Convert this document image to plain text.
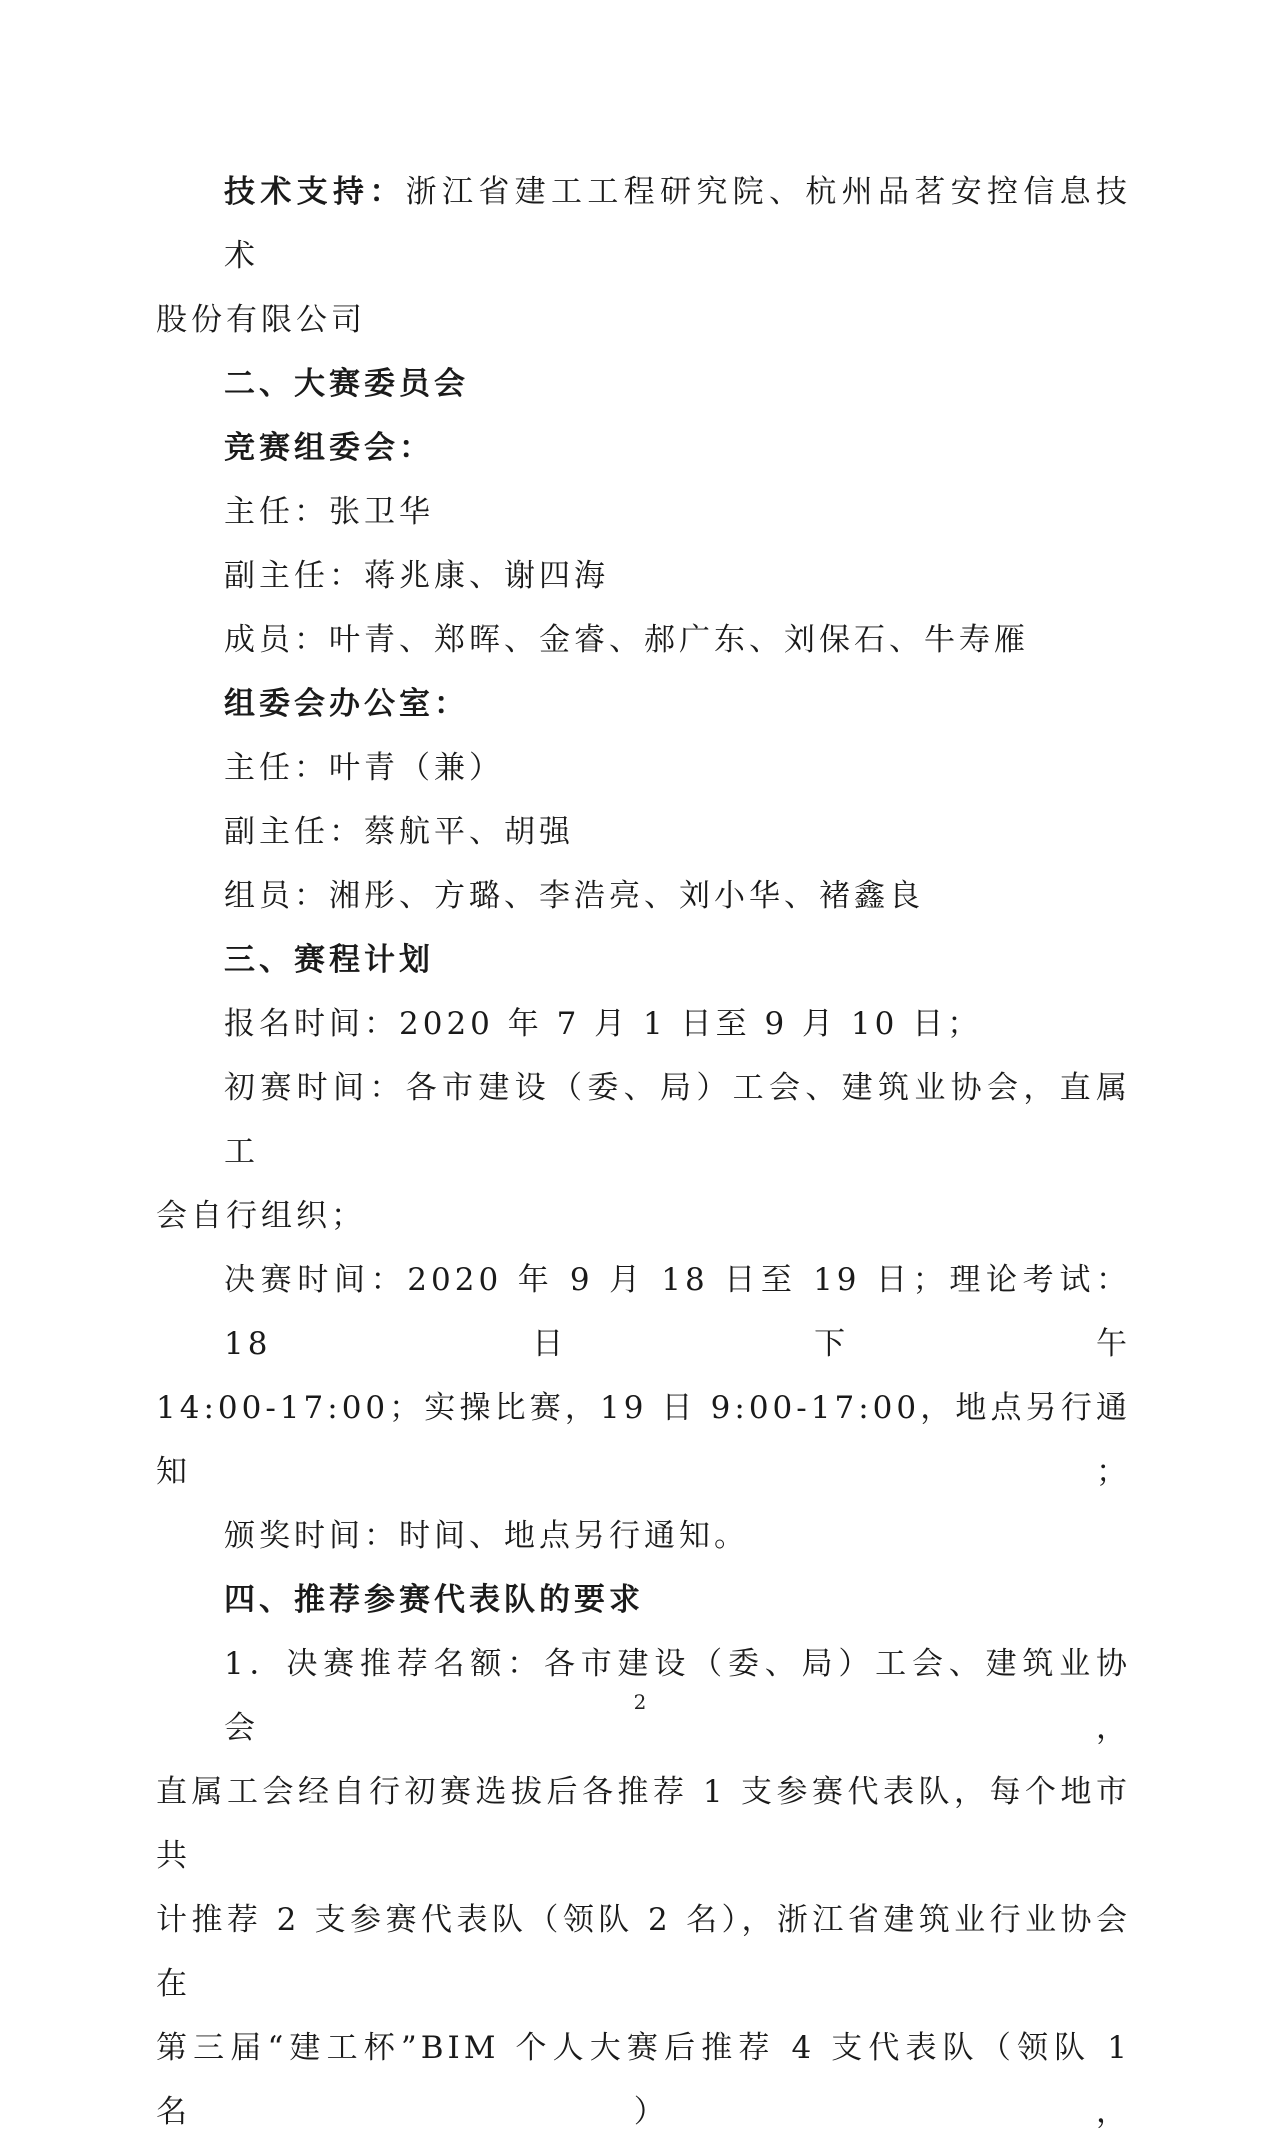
技术支持：浙江省建工工程研究院、杭州品茗安控信息技术
股份有限公司
二、大赛委员会
竞赛组委会：
主任：张卫华
副主任：蒋兆康、谢四海
成员：叶青、郑晖、金睿、郝广东、刘保石、牛寿雁
组委会办公室：
主任：叶青（兼）
副主任：蔡航平、胡强
组员：湘彤、方璐、李浩亮、刘小华、褚鑫良
三、赛程计划
报名时间：2020 年 7 月 1 日至 9 月 10 日；
初赛时间：各市建设（委、局）工会、建筑业协会，直属工
会自行组织；
决赛时间：2020 年 9 月 18 日至 19 日；理论考试：18 日下午
14:00-17:00；实操比赛，19 日 9:00-17:00，地点另行通知；
颁奖时间：时间、地点另行通知。
四、推荐参赛代表队的要求
1．决赛推荐名额：各市建设（委、局）工会、建筑业协会，
直属工会经自行初赛选拔后各推荐 1 支参赛代表队，每个地市共
计推荐 2 支参赛代表队（领队 2 名），浙江省建筑业行业协会在
第三届“建工杯”BIM 个人大赛后推荐 4 支代表队（领队 1 名），
2
